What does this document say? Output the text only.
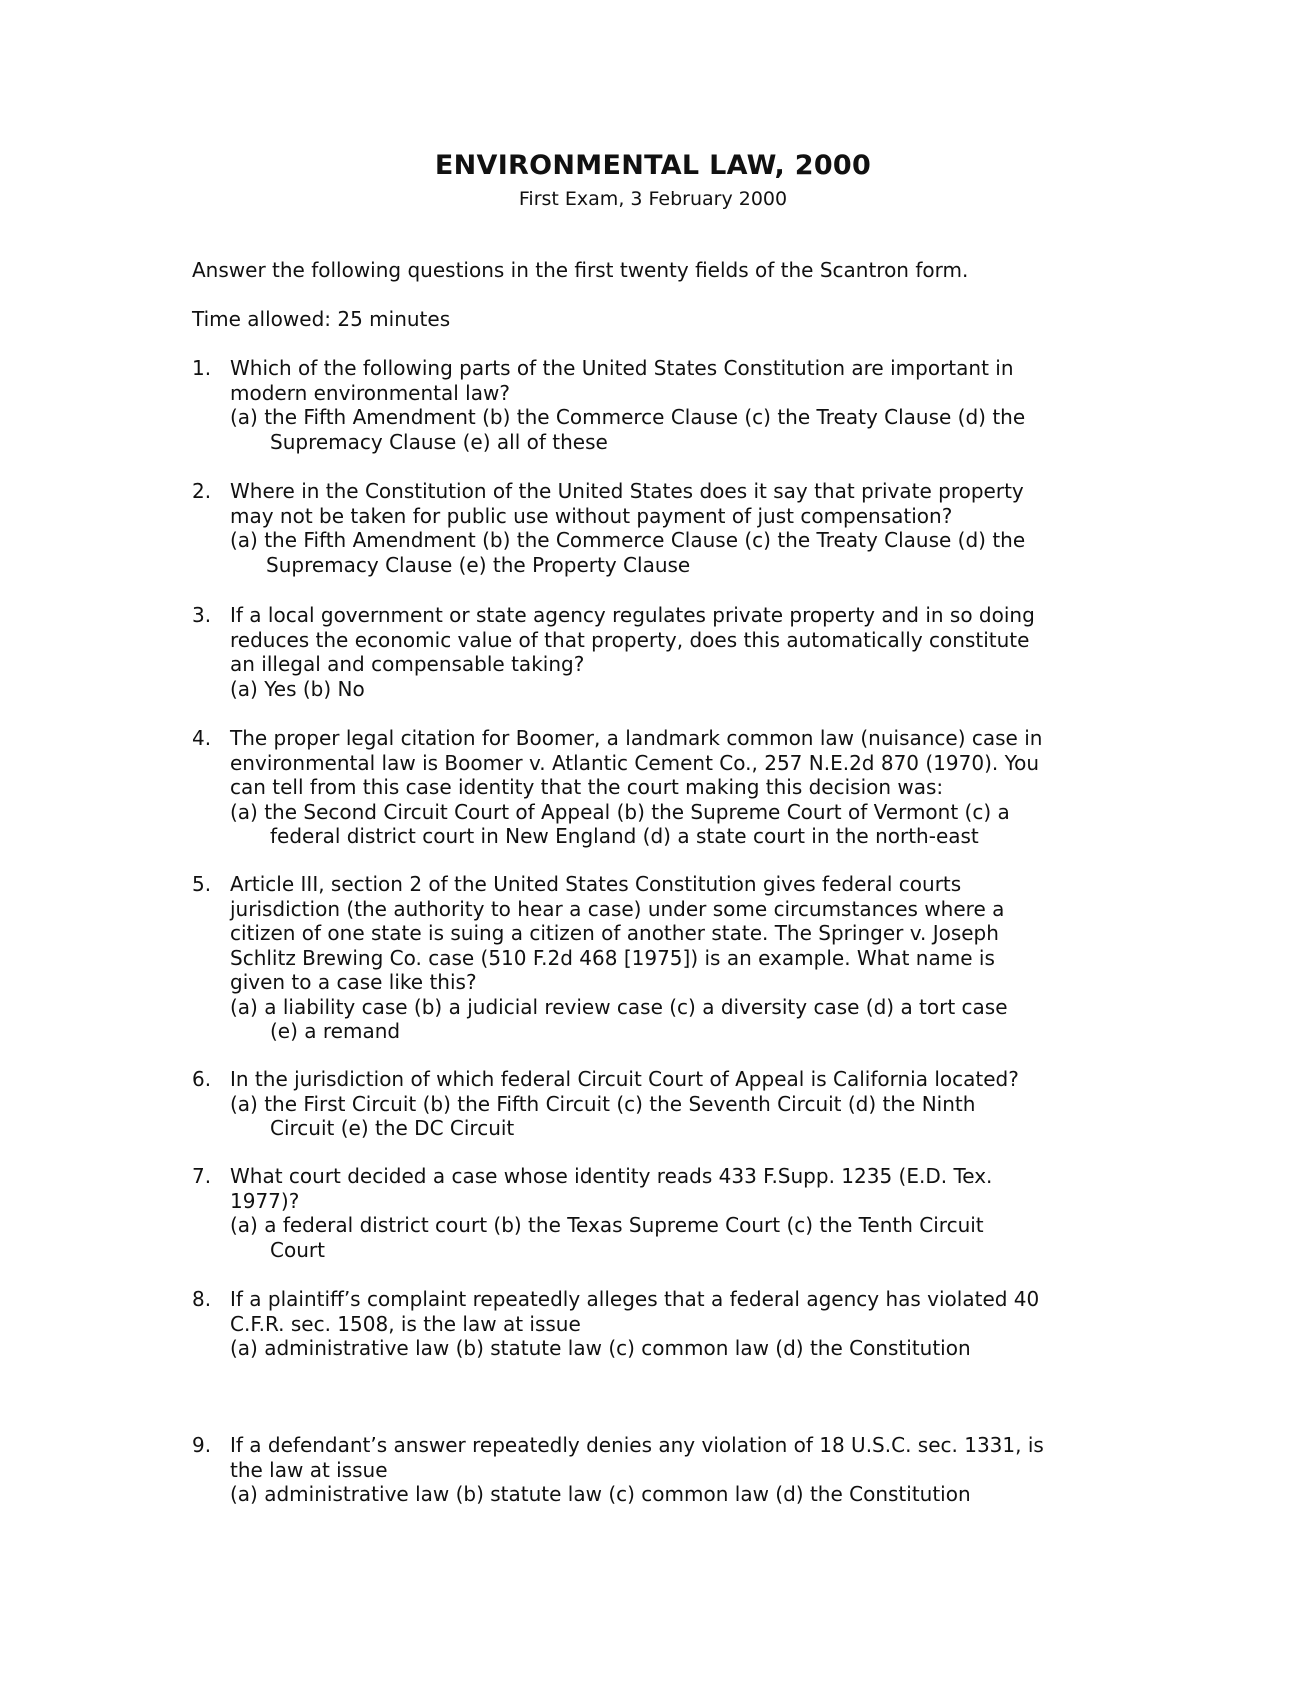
ENVIRONMENTAL LAW, 2000
First Exam, 3 February 2000
Answer the following questions in the first twenty fields of the Scantron form.
Time allowed: 25 minutes
1. Which of the following parts of the United States Constitution are important in
modern environmental law?
(a) the Fifth Amendment (b) the Commerce Clause (c) the Treaty Clause (d) the
Supremacy Clause (e) all of these
2. Where in the Constitution of the United States does it say that private property
may not be taken for public use without payment of just compensation?
(a) the Fifth Amendment (b) the Commerce Clause (c) the Treaty Clause (d) the
Supremacy Clause (e) the Property Clause
3. If a local government or state agency regulates private property and in so doing
reduces the economic value of that property, does this automatically constitute
an illegal and compensable taking?
(a) Yes (b) No
4. The proper legal citation for Boomer, a landmark common law (nuisance) case in
environmental law is Boomer v. Atlantic Cement Co., 257 N.E.2d 870 (1970). You
can tell from this case identity that the court making this decision was:
(a) the Second Circuit Court of Appeal (b) the Supreme Court of Vermont (c) a
federal district court in New England (d) a state court in the north-east
5. Article III, section 2 of the United States Constitution gives federal courts
jurisdiction (the authority to hear a case) under some circumstances where a
citizen of one state is suing a citizen of another state. The Springer v. Joseph
Schlitz Brewing Co. case (510 F.2d 468 [1975]) is an example. What name is
given to a case like this?
(a) a liability case (b) a judicial review case (c) a diversity case (d) a tort case
(e) a remand
6. In the jurisdiction of which federal Circuit Court of Appeal is California located?
(a) the First Circuit (b) the Fifth Circuit (c) the Seventh Circuit (d) the Ninth
Circuit (e) the DC Circuit
7. What court decided a case whose identity reads 433 F.Supp. 1235 (E.D. Tex.
1977)?
(a) a federal district court (b) the Texas Supreme Court (c) the Tenth Circuit
Court
8. If a plaintiff’s complaint repeatedly alleges that a federal agency has violated 40
C.F.R. sec. 1508, is the law at issue
(a) administrative law (b) statute law (c) common law (d) the Constitution
9. If a defendant’s answer repeatedly denies any violation of 18 U.S.C. sec. 1331, is
the law at issue
(a) administrative law (b) statute law (c) common law (d) the Constitution
